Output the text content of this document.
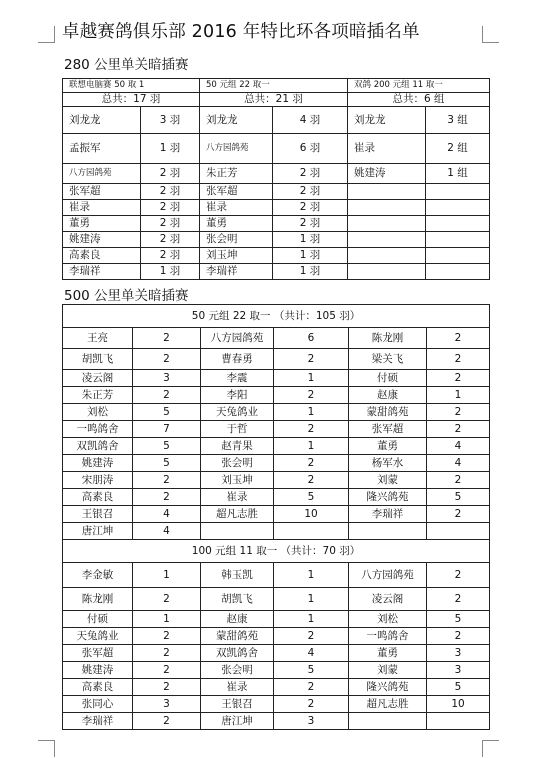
卓越赛鸽俱乐部 2016 年特比环各项暗插名单
280 公里单关暗插赛
联想电脑赛 50 取 1		50 元组 22 取一		双鸽 200 元组 11 取一	
总共：17 羽		总共：21 羽		总共：6 组	
刘龙龙	3 羽	刘龙龙	4 羽	刘龙龙	3 组
孟振军	1 羽	八方园鸽苑	6 羽	崔录	2 组
八方园鸽苑	2 羽	朱正芳	2 羽	姚建涛	1 组
张军超	2 羽	张军超	2 羽		
崔录	2 羽	崔录	2 羽		
董勇	2 羽	董勇	2 羽		
姚建涛	2 羽	张会明	1 羽		
高素良	2 羽	刘玉坤	1 羽		
李瑞祥	1 羽	李瑞祥	1 羽		
500 公里单关暗插赛
50 元组 22 取一 （共计：105 羽）					
王亮	2	八方园鸽苑	6	陈龙刚	2
胡凯飞	2	曹春勇	2	梁关飞	2
凌云阁	3	李震	1	付硕	2
朱正芳	2	李阳	2	赵康	1
刘松	5	天兔鸽业	1	蒙甜鸽苑	2
一鸣鸽舍	7	于哲	2	张军超	2
双凯鸽舍	5	赵青果	1	董勇	4
姚建涛	5	张会明	2	杨军水	4
宋朋涛	2	刘玉坤	2	刘蒙	2
高素良	2	崔录	5	隆兴鸽苑	5
王银召	4	超凡志胜	10	李瑞祥	2
唐江坤	4				
100 元组 11 取一 （共计：70 羽）					
李金敏	1	韩玉凯	1	八方园鸽苑	2
陈龙刚	2	胡凯飞	1	凌云阁	2
付硕	1	赵康	1	刘松	5
天兔鸽业	2	蒙甜鸽苑	2	一鸣鸽舍	2
张军超	2	双凯鸽舍	4	董勇	3
姚建涛	2	张会明	5	刘蒙	3
高素良	2	崔录	2	隆兴鸽苑	5
张同心	3	王银召	2	超凡志胜	10
李瑞祥	2	唐江坤	3		
